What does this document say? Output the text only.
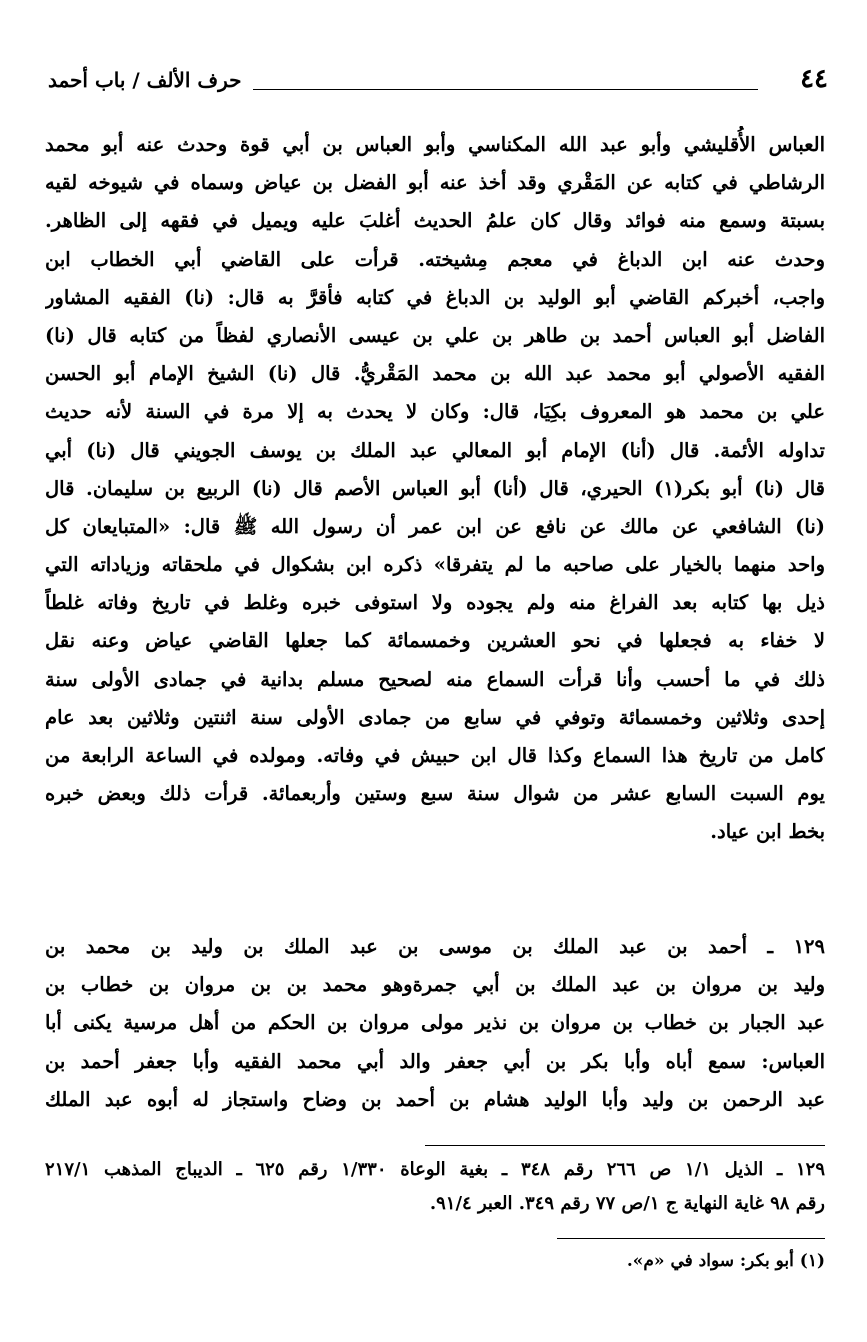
٤٤
حرف الألف / باب أحمد
العباس الأُقليشي وأبو عبد الله المكناسي وأبو العباس بن أبي قوة وحدث عنه أبو محمد
الرشاطي في كتابه عن المَقْري وقد أخذ عنه أبو الفضل بن عياض وسماه في شيوخه لقيه
بسبتة وسمع منه فوائد وقال كان علمُ الحديث أغلبَ عليه ويميل في فقهه إلى الظاهر.
وحدث عنه ابن الدباغ في معجم مِشيخته. قرأت على القاضي أبي الخطاب ابن
واجب، أخبركم القاضي أبو الوليد بن الدباغ في كتابه فأقرَّ به قال: (نا) الفقيه المشاور
الفاضل أبو العباس أحمد بن طاهر بن علي بن عيسى الأنصاري لفظاً من كتابه قال (نا)
الفقيه الأصولي أبو محمد عبد الله بن محمد المَقْريُّ. قال (نا) الشيخ الإمام أبو الحسن
علي بن محمد هو المعروف بكِيَا، قال: وكان لا يحدث به إلا مرة في السنة لأنه حديث
تداوله الأئمة. قال (أنا) الإمام أبو المعالي عبد الملك بن يوسف الجويني قال (نا) أبي
قال (نا) أبو بكر(١) الحيري، قال (أنا) أبو العباس الأصم قال (نا) الربيع بن سليمان. قال
(نا) الشافعي عن مالك عن نافع عن ابن عمر أن رسول الله ﷺ قال: «المتبايعان كل
واحد منهما بالخيار على صاحبه ما لم يتفرقا» ذكره ابن بشكوال في ملحقاته وزياداته التي
ذيل بها كتابه بعد الفراغ منه ولم يجوده ولا استوفى خبره وغلط في تاريخ وفاته غلطاً
لا خفاء به فجعلها في نحو العشرين وخمسمائة كما جعلها القاضي عياض وعنه نقل
ذلك في ما أحسب وأنا قرأت السماع منه لصحيح مسلم بدانية في جمادى الأولى سنة
إحدى وثلاثين وخمسمائة وتوفي في سابع من جمادى الأولى سنة اثنتين وثلاثين بعد عام
كامل من تاريخ هذا السماع وكذا قال ابن حبيش في وفاته. ومولده في الساعة الرابعة من
يوم السبت السابع عشر من شوال سنة سبع وستين وأربعمائة. قرأت ذلك وبعض خبره
بخط ابن عياد.
١٢٩ ـ أحمد بن عبد الملك بن موسى بن عبد الملك بن وليد بن محمد بن
وليد بن مروان بن عبد الملك بن أبي جمرةوهو محمد بن بن مروان بن خطاب بن
عبد الجبار بن خطاب بن مروان بن نذير مولى مروان بن الحكم من أهل مرسية يكنى أبا
العباس: سمع أباه وأبا بكر بن أبي جعفر والد أبي محمد الفقيه وأبا جعفر أحمد بن
عبد الرحمن بن وليد وأبا الوليد هشام بن أحمد بن وضاح واستجاز له أبوه عبد الملك
١٢٩ ـ الذيل ١/١ ص ٢٦٦ رقم ٣٤٨ ـ بغية الوعاة ١/٣٣٠ رقم ٦٢٥ ـ الديباج المذهب ٢١٧/١
رقم ٩٨ غاية النهاية ج ١/ص ٧٧ رقم ٣٤٩. العبر ٩١/٤.
(١) أبو بكر: سواد في «م».
